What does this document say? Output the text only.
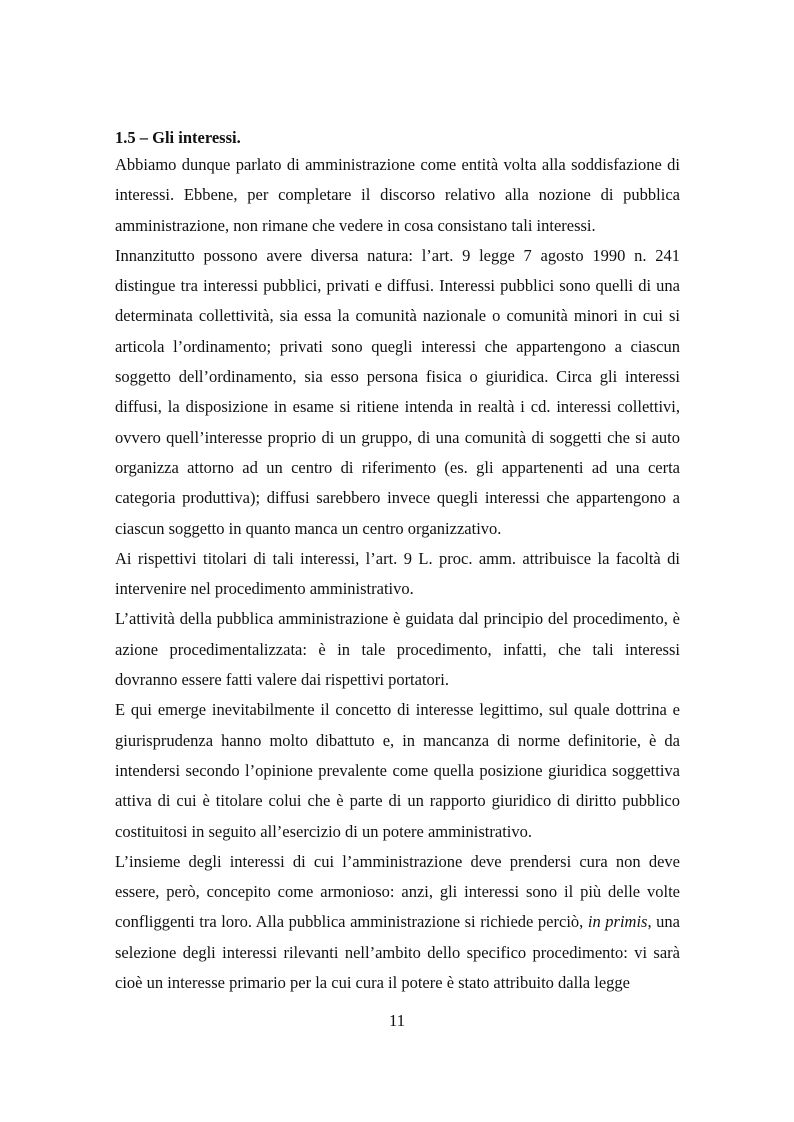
1.5 – Gli interessi.

Abbiamo dunque parlato di amministrazione come entità volta alla soddisfazione di interessi. Ebbene, per completare il discorso relativo alla nozione di pubblica amministrazione, non rimane che vedere in cosa consistano tali interessi.

Innanzitutto possono avere diversa natura: l’art. 9 legge 7 agosto 1990 n. 241 distingue tra interessi pubblici, privati e diffusi. Interessi pubblici sono quelli di una determinata collettività, sia essa la comunità nazionale o comunità minori in cui si articola l’ordinamento; privati sono quegli interessi che appartengono a ciascun soggetto dell’ordinamento, sia esso persona fisica o giuridica. Circa gli interessi diffusi, la disposizione in esame si ritiene intenda in realtà i cd. interessi collettivi, ovvero quell’interesse proprio di un gruppo, di una comunità di soggetti che si auto organizza attorno ad un centro di riferimento (es. gli appartenenti ad una certa categoria produttiva); diffusi sarebbero invece quegli interessi che appartengono a ciascun soggetto in quanto manca un centro organizzativo.

Ai rispettivi titolari di tali interessi, l’art. 9 L. proc. amm. attribuisce la facoltà di intervenire nel procedimento amministrativo.

L’attività della pubblica amministrazione è guidata dal principio del procedimento, è azione procedimentalizzata: è in tale procedimento, infatti, che tali interessi dovranno essere fatti valere dai rispettivi portatori.

E qui emerge inevitabilmente il concetto di interesse legittimo, sul quale dottrina e giurisprudenza hanno molto dibattuto e, in mancanza di norme definitorie, è da intendersi secondo l’opinione prevalente come quella posizione giuridica soggettiva attiva di cui è titolare colui che è parte di un rapporto giuridico di diritto pubblico costituitosi in seguito all’esercizio di un potere amministrativo.

L’insieme degli interessi di cui l’amministrazione deve prendersi cura non deve essere, però, concepito come armonioso: anzi, gli interessi sono il più delle volte confliggenti tra loro. Alla pubblica amministrazione si richiede perciò, in primis, una selezione degli interessi rilevanti nell’ambito dello specifico procedimento: vi sarà cioè un interesse primario per la cui cura il potere è stato attribuito dalla legge

11
